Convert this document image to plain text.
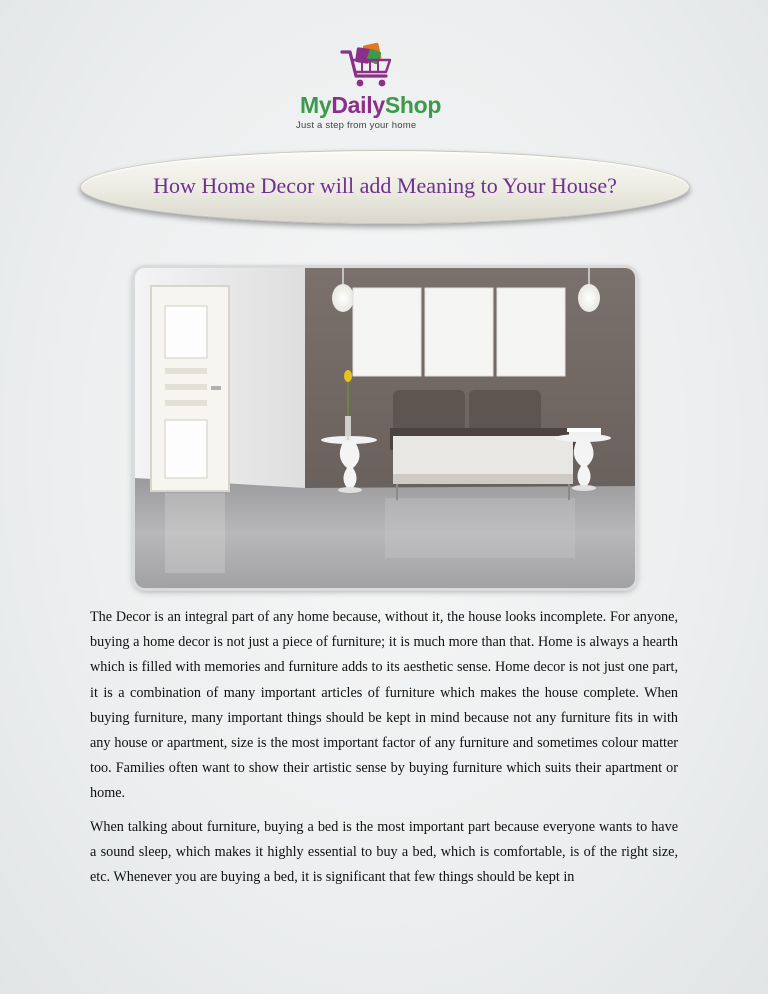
MyDailyShop
Just a step from your home
How Home Decor will add Meaning to Your House?

The Decor is an integral part of any home because, without it, the house looks incomplete. For anyone, buying a home decor is not just a piece of furniture; it is much more than that. Home is always a hearth which is filled with memories and furniture adds to its aesthetic sense. Home decor is not just one part, it is a combination of many important articles of furniture which makes the house complete. When buying furniture, many important things should be kept in mind because not any furniture fits in with any house or apartment, size is the most important factor of any furniture and sometimes colour matter too. Families often want to show their artistic sense by buying furniture which suits their apartment or home.

When talking about furniture, buying a bed is the most important part because everyone wants to have a sound sleep, which makes it highly essential to buy a bed, which is comfortable, is of the right size, etc. Whenever you are buying a bed, it is significant that few things should be kept in
